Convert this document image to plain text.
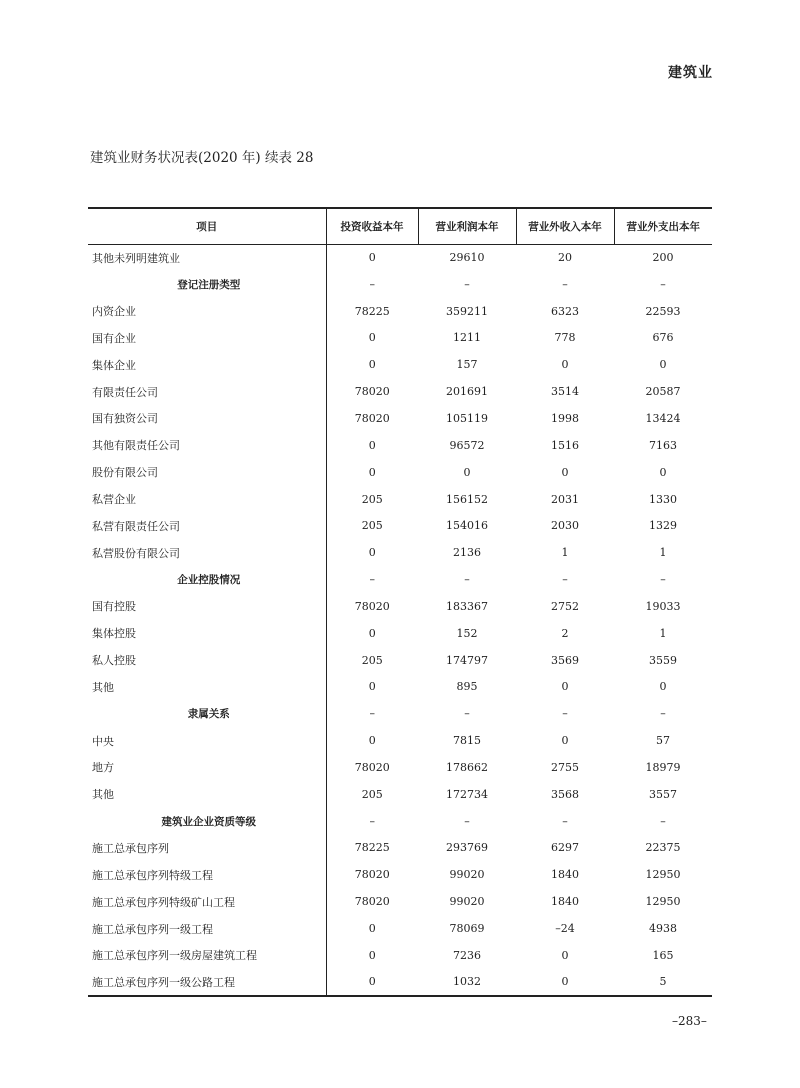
建筑业
建筑业财务状况表(2020 年) 续表 28
项目	投资收益本年	营业利润本年	营业外收入本年	营业外支出本年
其他未列明建筑业	0	29610	20	200
登记注册类型	–	–	–	–
内资企业	78225	359211	6323	22593
国有企业	0	1211	778	676
集体企业	0	157	0	0
有限责任公司	78020	201691	3514	20587
国有独资公司	78020	105119	1998	13424
其他有限责任公司	0	96572	1516	7163
股份有限公司	0	0	0	0
私营企业	205	156152	2031	1330
私营有限责任公司	205	154016	2030	1329
私营股份有限公司	0	2136	1	1
企业控股情况	–	–	–	–
国有控股	78020	183367	2752	19033
集体控股	0	152	2	1
私人控股	205	174797	3569	3559
其他	0	895	0	0
隶属关系	–	–	–	–
中央	0	7815	0	57
地方	78020	178662	2755	18979
其他	205	172734	3568	3557
建筑业企业资质等级	–	–	–	–
施工总承包序列	78225	293769	6297	22375
施工总承包序列特级工程	78020	99020	1840	12950
施工总承包序列特级矿山工程	78020	99020	1840	12950
施工总承包序列一级工程	0	78069	–24	4938
施工总承包序列一级房屋建筑工程	0	7236	0	165
施工总承包序列一级公路工程	0	1032	0	5
–283–
